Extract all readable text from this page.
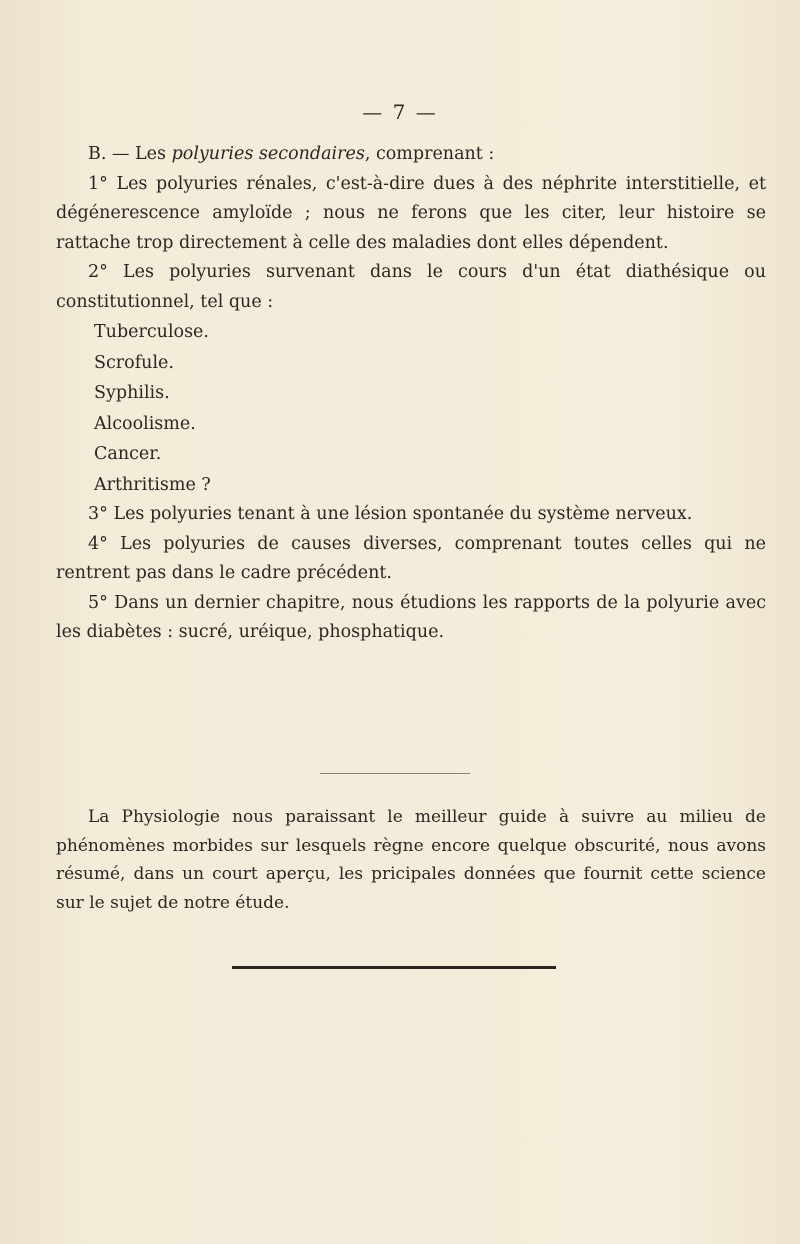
— 7 —

B. — Les polyuries secondaires, comprenant :

1° Les polyuries rénales, c'est-à-dire dues à des néphrite interstitielle, et dégénerescence amyloïde ; nous ne ferons que les citer, leur histoire se rattache trop directement à celle des maladies dont elles dépendent.

2° Les polyuries survenant dans le cours d'un état diathésique ou constitutionnel, tel que :

Tuberculose.
Scrofule.
Syphilis.
Alcoolisme.
Cancer.
Arthritisme ?

3° Les polyuries tenant à une lésion spontanée du système nerveux.

4° Les polyuries de causes diverses, comprenant toutes celles qui ne rentrent pas dans le cadre précédent.

5° Dans un dernier chapitre, nous étudions les rapports de la polyurie avec les diabètes : sucré, uréique, phosphatique.

La Physiologie nous paraissant le meilleur guide à suivre au milieu de phénomènes morbides sur lesquels règne encore quelque obscurité, nous avons résumé, dans un court aperçu, les pricipales données que fournit cette science sur le sujet de notre étude.
